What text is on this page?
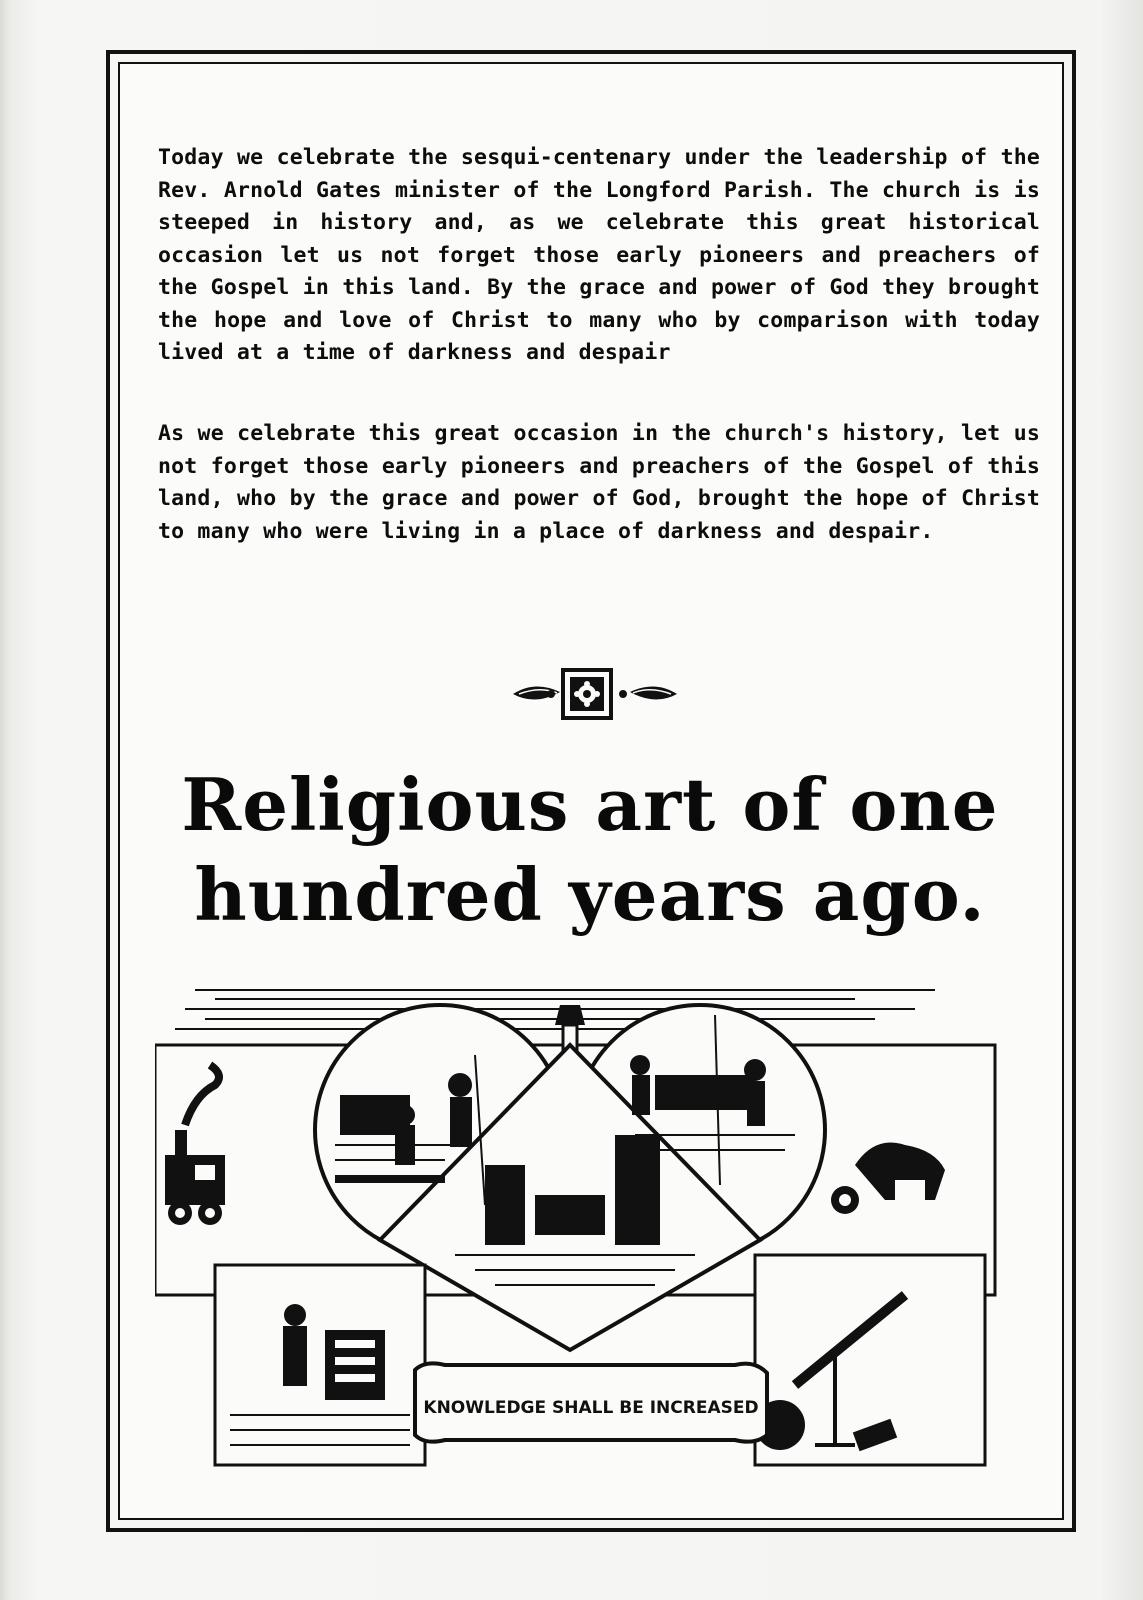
Today we celebrate the sesqui-centenary under the leadership of the Rev. Arnold Gates minister of the Longford Parish. The church is is steeped in history and, as we celebrate this great historical occasion let us not forget those early pioneers and preachers of the Gospel in this land. By the grace and power of God they brought the hope and love of Christ to many who by comparison with today lived at a time of darkness and despair

As we celebrate this great occasion in the church's history, let us not forget those early pioneers and preachers of the Gospel of this land, who by the grace and power of God, brought the hope of Christ to many who were living in a place of darkness and despair.

Religious art of one
hundred years ago.
KNOWLEDGE SHALL BE INCREASED
